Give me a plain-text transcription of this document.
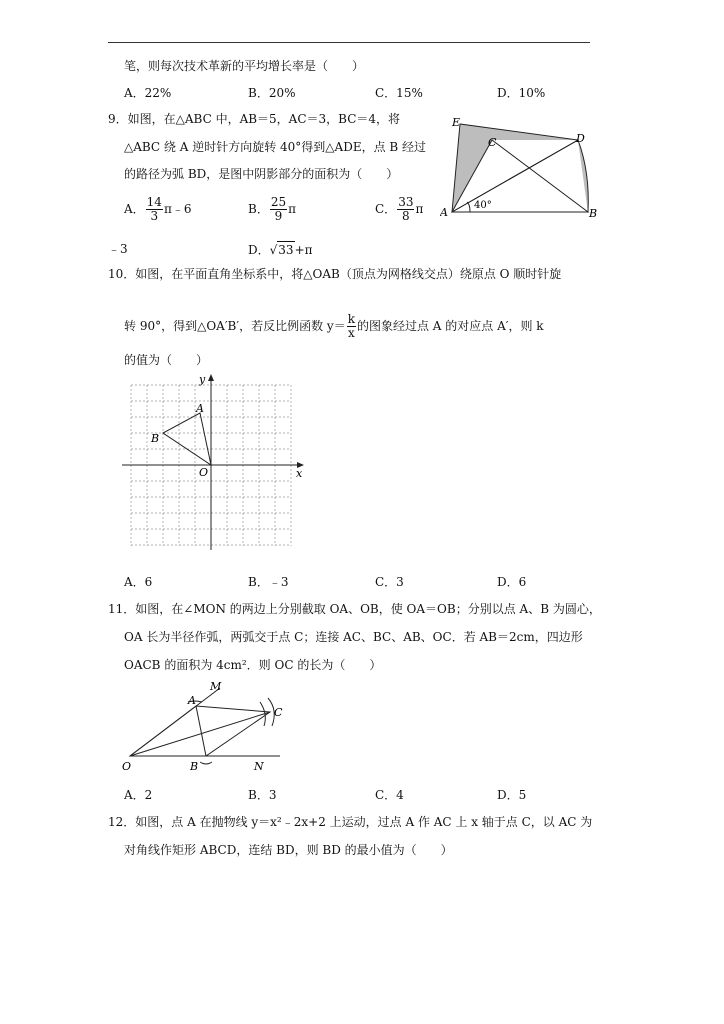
笔，则每次技术革新的平均增长率是（　　）
A．22%	B．20%	C．15%	D．10%
9．如图，在△ABC 中，AB＝5，AC＝3，BC＝4，将
△ABC 绕 A 逆时针方向旋转 40°得到△ADE，点 B 经过
的路径为弧 BD，是图中阴影部分的面积为（　　）
A． $\frac{14}{3}$ π﹣6	B． $\frac{25}{9}$ π	C． $\frac{33}{8}$ π
﹣3	D．√33+π
E
C	D
A	B
40°
10．如图，在平面直角坐标系中，将△OAB（顶点为网格线交点）绕原点 O 顺时针旋
转 90°，得到△OA′B′，若反比例函数 $y= \frac{k}{x}$ 的图象经过点 A 的对应点 A′，则 k
的值为（　　）
y
x
A
B
O
A．6	B．﹣3	C．3	D．6
11．如图，在∠MON 的两边上分别截取 OA、OB，使 OA＝OB；分别以点 A、B 为圆心，
OA 长为半径作弧，两弧交于点 C；连接 AC、BC、AB、OC．若 AB＝2cm，四边形
OACB 的面积为 4cm²．则 OC 的长为（　　）
M
A
C
O	B	N
A．2	B．3	C．4	D．5
12．如图，点 A 在抛物线 y＝x²﹣2x+2 上运动，过点 A 作 AC 上 x 轴于点 C，以 AC 为
对角线作矩形 ABCD，连结 BD，则 BD 的最小值为（　　）
